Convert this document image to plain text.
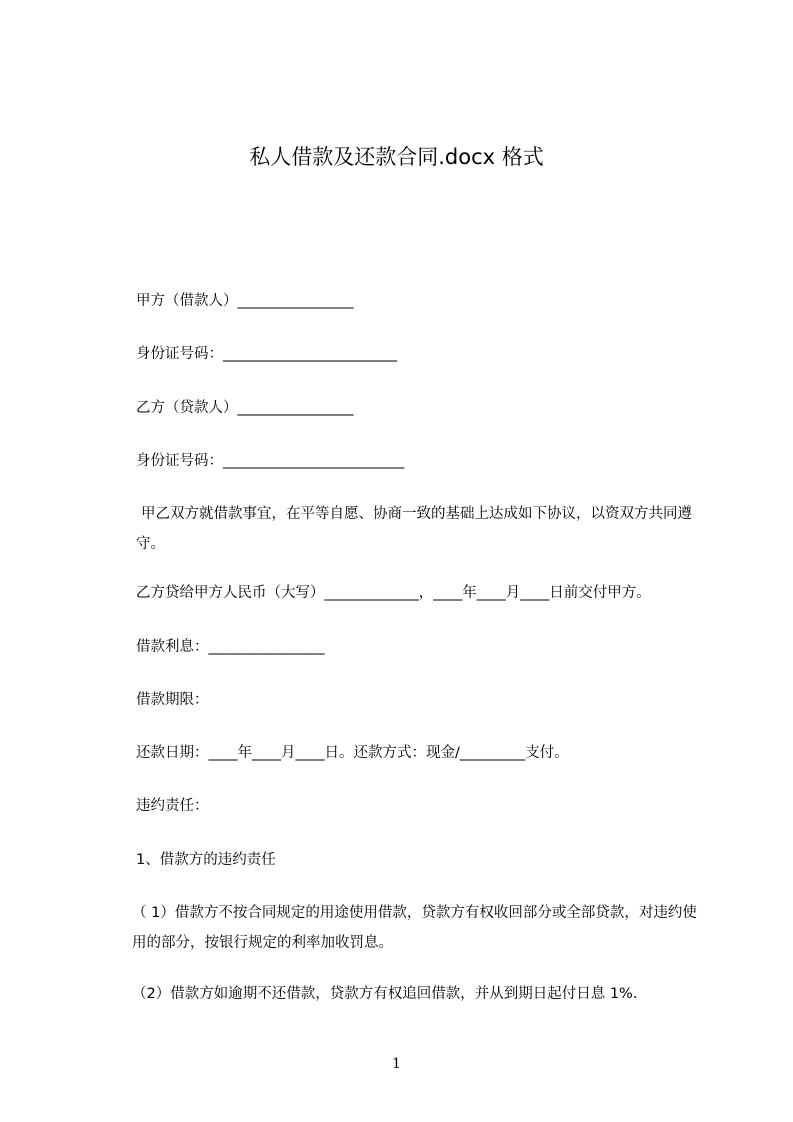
私人借款及还款合同.docx 格式
甲方（借款人）________________
身份证号码：________________________
乙方（贷款人）________________
身份证号码：_________________________
甲乙双方就借款事宜，在平等自愿、协商一致的基础上达成如下协议，以资双方共同遵守。
乙方贷给甲方人民币（大写）_____________，____年____月____日前交付甲方。
借款利息：________________
借款期限：
还款日期：____年____月____日。还款方式：现金/_________支付。
违约责任：
1、借款方的违约责任
（ 1）借款方不按合同规定的用途使用借款，贷款方有权收回部分或全部贷款，对违约使用的部分，按银行规定的利率加收罚息。
（2）借款方如逾期不还借款，贷款方有权追回借款，并从到期日起付日息 1%.
1
